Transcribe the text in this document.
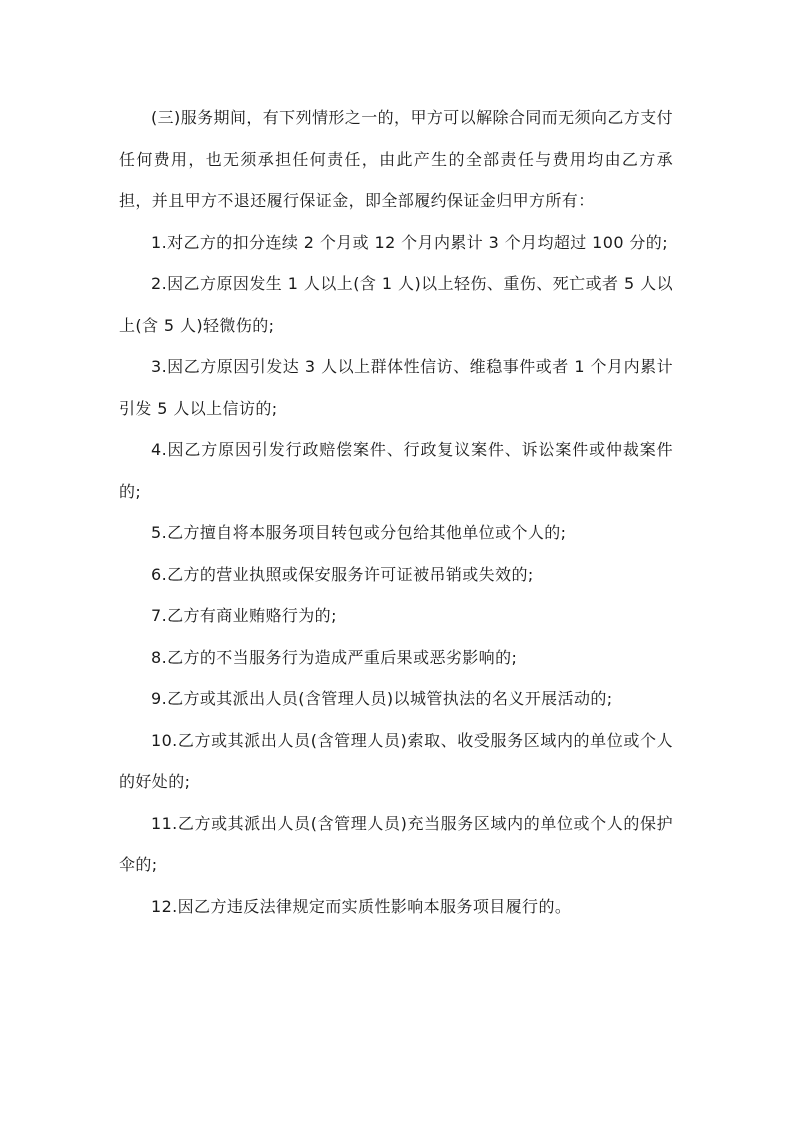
(三)服务期间，有下列情形之一的，甲方可以解除合同而无须向乙方支付任何费用，也无须承担任何责任，由此产生的全部责任与费用均由乙方承担，并且甲方不退还履行保证金，即全部履约保证金归甲方所有：

1.对乙方的扣分连续 2 个月或 12 个月内累计 3 个月均超过 100 分的;

2.因乙方原因发生 1 人以上(含 1 人)以上轻伤、重伤、死亡或者 5 人以上(含 5 人)轻微伤的;

3.因乙方原因引发达 3 人以上群体性信访、维稳事件或者 1 个月内累计引发 5 人以上信访的;

4.因乙方原因引发行政赔偿案件、行政复议案件、诉讼案件或仲裁案件的;

5.乙方擅自将本服务项目转包或分包给其他单位或个人的;

6.乙方的营业执照或保安服务许可证被吊销或失效的;

7.乙方有商业贿赂行为的;

8.乙方的不当服务行为造成严重后果或恶劣影响的;

9.乙方或其派出人员(含管理人员)以城管执法的名义开展活动的;

10.乙方或其派出人员(含管理人员)索取、收受服务区域内的单位或个人的好处的;

11.乙方或其派出人员(含管理人员)充当服务区域内的单位或个人的保护伞的;

12.因乙方违反法律规定而实质性影响本服务项目履行的。
